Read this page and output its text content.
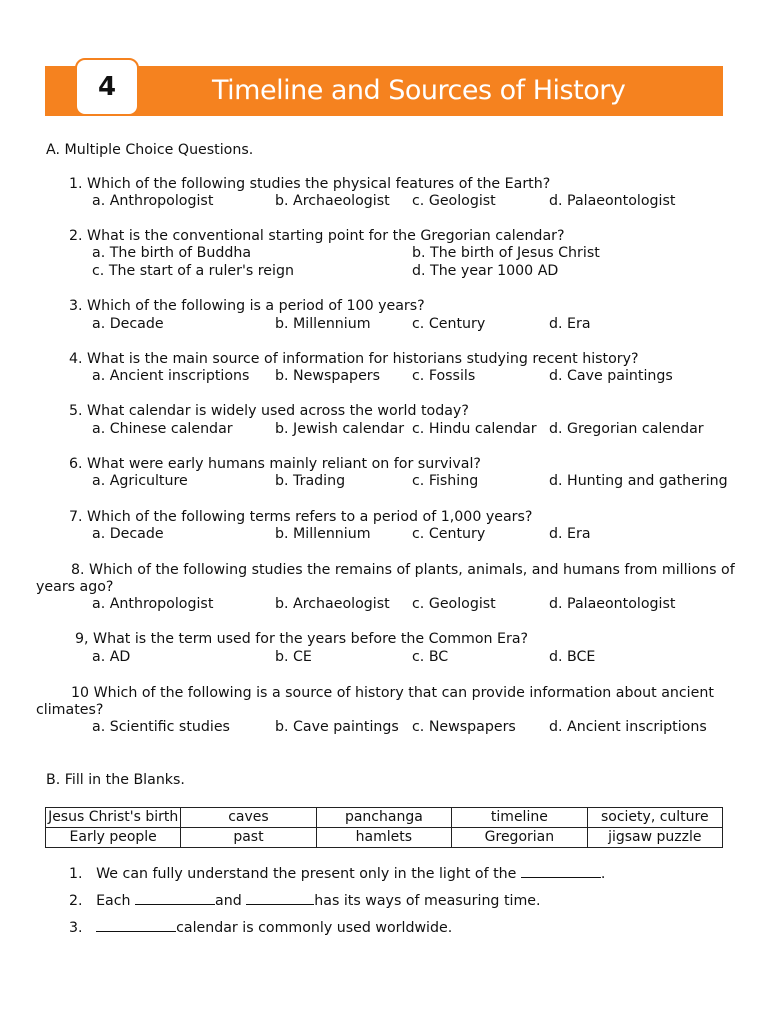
4	Timeline and Sources of History
A. Multiple Choice Questions.
1. Which of the following studies the physical features of the Earth?
a. Anthropologist	b. Archaeologist c. Geologist	d. Palaeontologist
2. What is the conventional starting point for the Gregorian calendar?
a. The birth of Buddha	b. The birth of Jesus Christ
c. The start of a ruler's reign	d. The year 1000 AD
3. Which of the following is a period of 100 years?
a. Decade	b. Millennium	c. Century	d. Era
4. What is the main source of information for historians studying recent history?
a. Ancient inscriptions b. Newspapers c. Fossils	d. Cave paintings
5. What calendar is widely used across the world today?
a. Chinese calendar	b. Jewish calendar c. Hindu calendar d. Gregorian calendar
6. What were early humans mainly reliant on for survival?
a. Agriculture	b. Trading	c. Fishing	d. Hunting and gathering
7. Which of the following terms refers to a period of 1,000 years?
a. Decade	b. Millennium	c. Century	d. Era
8. Which of the following studies the remains of plants, animals, and humans from millions of
years ago?
a. Anthropologist	b. Archaeologist c. Geologist	d. Palaeontologist
9, What is the term used for the years before the Common Era?
a. AD	b. CE	c. BC	d. BCE
10 Which of the following is a source of history that can provide information about ancient
climates?
a. Scientific studies	b. Cave paintings c. Newspapers d. Ancient inscriptions
B. Fill in the Blanks.
Jesus Christ's birth	caves	panchanga	timeline	society, culture
Early people	past	hamlets	Gregorian	jigsaw puzzle
1. We can fully understand the present only in the light of the	.
2. Each	and	has its ways of measuring time.
3.	calendar is commonly used worldwide.
